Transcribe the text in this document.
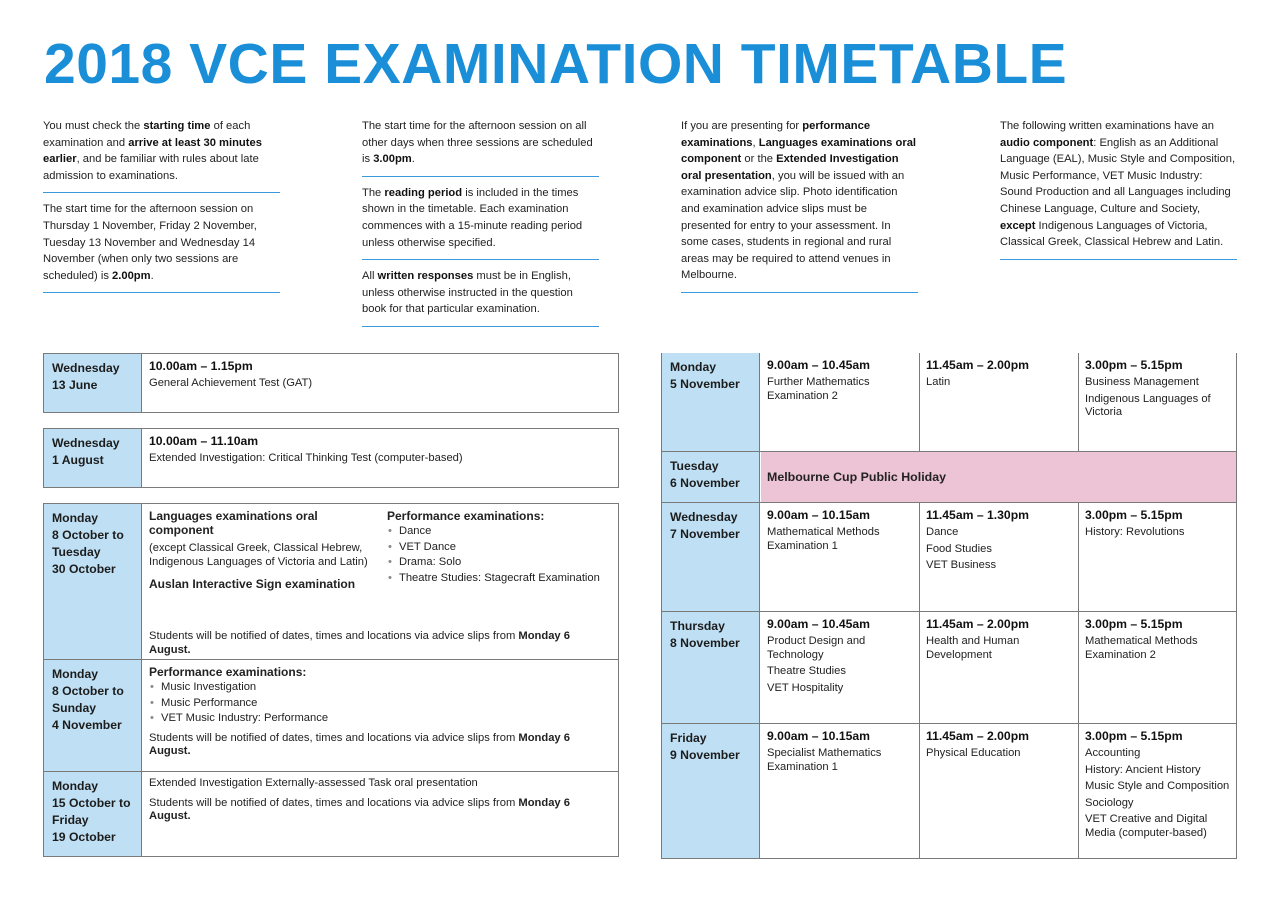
2018 VCE EXAMINATION TIMETABLE

You must check the starting time of each examination and arrive at least 30 minutes earlier, and be familiar with rules about late admission to examinations.

The start time for the afternoon session on Thursday 1 November, Friday 2 November, Tuesday 13 November and Wednesday 14 November (when only two sessions are scheduled) is 2.00pm.

The start time for the afternoon session on all other days when three sessions are scheduled is 3.00pm.

The reading period is included in the times shown in the timetable. Each examination commences with a 15-minute reading period unless otherwise specified.

All written responses must be in English, unless otherwise instructed in the question book for that particular examination.

If you are presenting for performance examinations, Languages examinations oral component or the Extended Investigation oral presentation, you will be issued with an examination advice slip. Photo identification and examination advice slips must be presented for entry to your assessment. In some cases, students in regional and rural areas may be required to attend venues in Melbourne.

The following written examinations have an audio component: English as an Additional Language (EAL), Music Style and Composition, Music Performance, VET Music Industry: Sound Production and all Languages including Chinese Language, Culture and Society, except Indigenous Languages of Victoria, Classical Greek, Classical Hebrew and Latin.

Wednesday
13 June
10.00am – 1.15pm
General Achievement Test (GAT)
Wednesday
1 August
10.00am – 11.10am
Extended Investigation: Critical Thinking Test (computer-based)
Monday
8 October to
Tuesday
30 October
Languages examinations oral component
(except Classical Greek, Classical Hebrew, Indigenous Languages of Victoria and Latin)
Auslan Interactive Sign examination
Performance examinations:
• Dance
• VET Dance
• Drama: Solo
• Theatre Studies: Stagecraft Examination
Students will be notified of dates, times and locations via advice slips from Monday 6 August.
Monday
8 October to
Sunday
4 November
Performance examinations:
• Music Investigation
• Music Performance
• VET Music Industry: Performance
Students will be notified of dates, times and locations via advice slips from Monday 6 August.
Monday
15 October to
Friday
19 October
Extended Investigation Externally-assessed Task oral presentation
Students will be notified of dates, times and locations via advice slips from Monday 6 August.
Monday
5 November
9.00am – 10.45am
Further Mathematics Examination 2
11.45am – 2.00pm
Latin
3.00pm – 5.15pm
Business Management
Indigenous Languages of Victoria
Tuesday
6 November	Melbourne Cup Public Holiday
Wednesday
7 November
9.00am – 10.15am
Mathematical Methods Examination 1
11.45am – 1.30pm
Dance
Food Studies
VET Business
3.00pm – 5.15pm
History: Revolutions
Thursday
8 November
9.00am – 10.45am
Product Design and Technology
Theatre Studies
VET Hospitality
11.45am – 2.00pm
Health and Human Development
3.00pm – 5.15pm
Mathematical Methods Examination 2
Friday
9 November
9.00am – 10.15am
Specialist Mathematics Examination 1
11.45am – 2.00pm
Physical Education
3.00pm – 5.15pm
Accounting
History: Ancient History
Music Style and Composition
Sociology
VET Creative and Digital Media (computer-based)
